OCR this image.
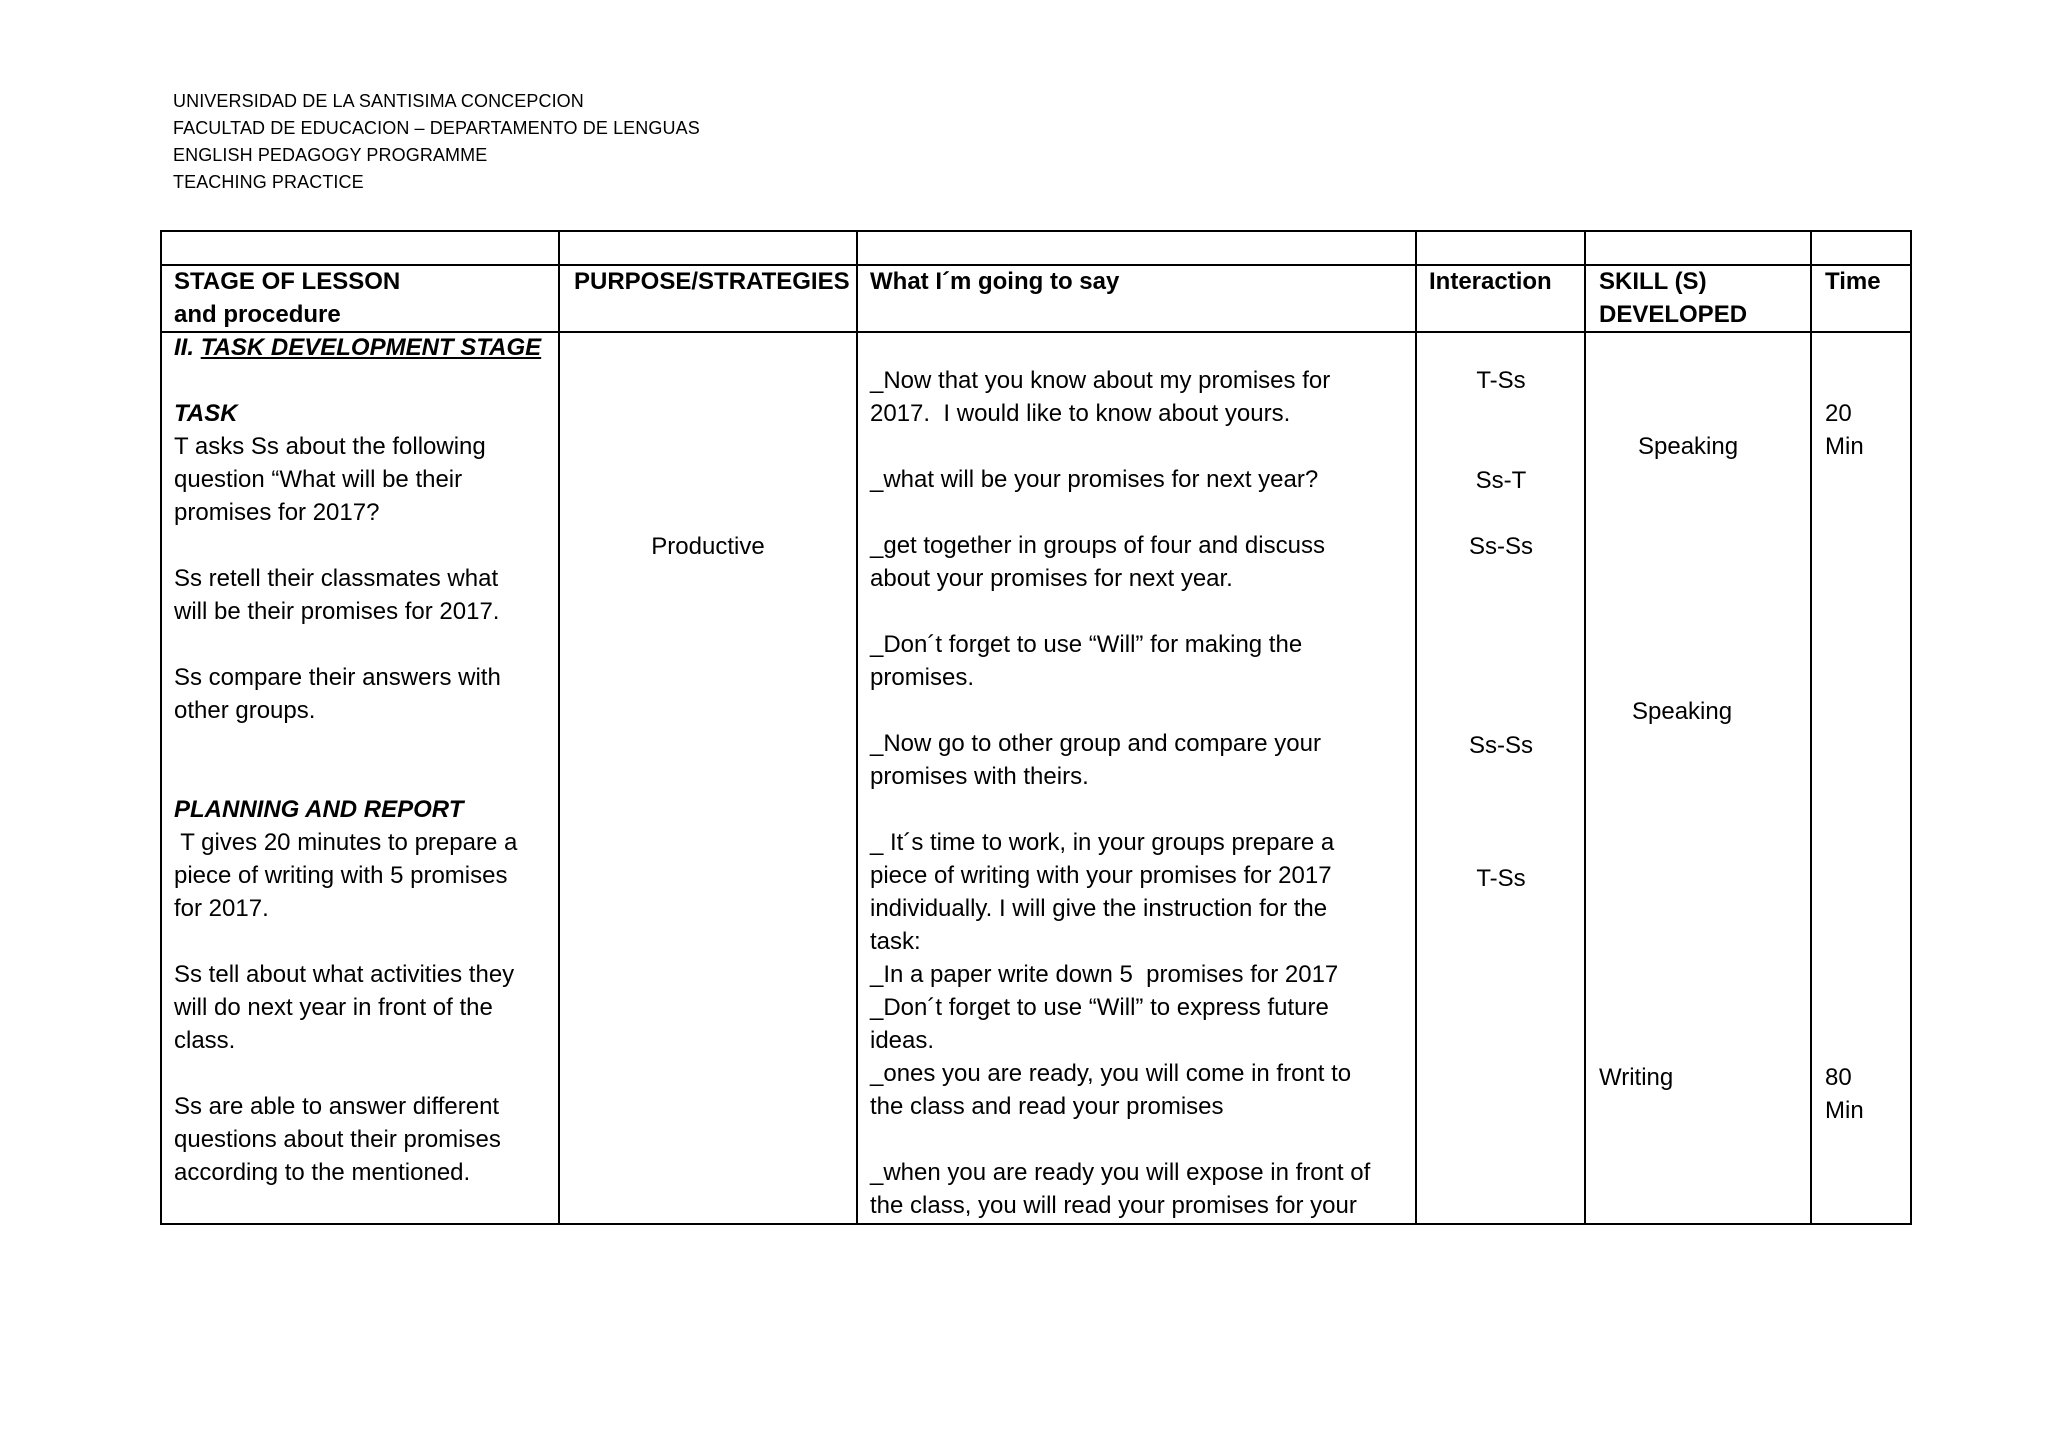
UNIVERSIDAD DE LA SANTISIMA CONCEPCION
FACULTAD DE EDUCACION – DEPARTAMENTO DE LENGUAS
ENGLISH PEDAGOGY PROGRAMME
TEACHING PRACTICE
STAGE OF LESSON
and procedure
PURPOSE/STRATEGIES What I´m going to say	Interaction SKILL (S)
DEVELOPED
Time
II. TASK DEVELOPMENT STAGE
TASK
T asks Ss about the following
question “What will be their
promises for 2017?
Ss retell their classmates what
will be their promises for 2017.
Ss compare their answers with
other groups.
PLANNING AND REPORT
T gives 20 minutes to prepare a
piece of writing with 5 promises
for 2017.
Ss tell about what activities they
will do next year in front of the
class.
Ss are able to answer different
questions about their promises
according to the mentioned.
Productive
_Now that you know about my promises for
2017.  I would like to know about yours.
_what will be your promises for next year?
_get together in groups of four and discuss
about your promises for next year.
_Don´t forget to use “Will” for making the
promises.
_Now go to other group and compare your
promises with theirs.
_ It´s time to work, in your groups prepare a
piece of writing with your promises for 2017
individually. I will give the instruction for the
task:
_In a paper write down 5  promises for 2017
_Don´t forget to use “Will” to express future
ideas.
_ones you are ready, you will come in front to
the class and read your promises
_when you are ready you will expose in front of
the class, you will read your promises for your
T-Ss
Ss-T
Ss-Ss
Ss-Ss
T-Ss
Speaking
Speaking
Writing
20
Min
80
Min
